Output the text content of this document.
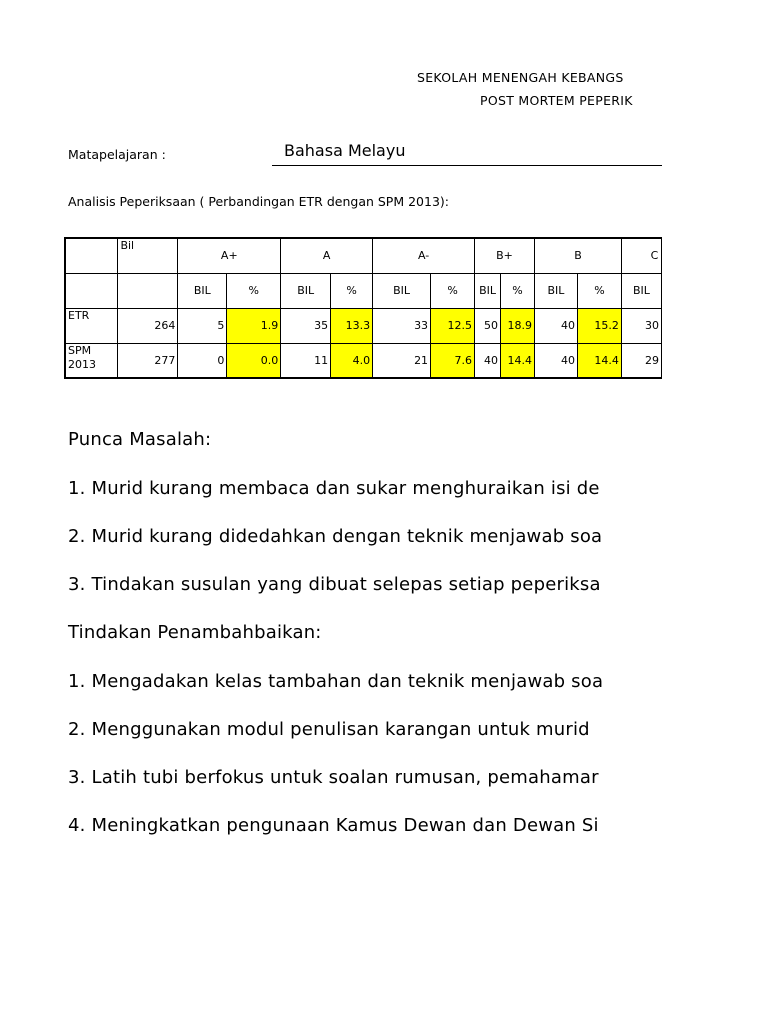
SEKOLAH MENENGAH KEBANGS
POST MORTEM PEPERIK
Matapelajaran :	Bahasa Melayu
Analisis Peperiksaan ( Perbandingan ETR dengan SPM 2013):
	Bil	A+		A		A-		B+		B		C
		BIL	%	BIL	%	BIL	%	BIL	%	BIL	%	BIL
ETR	264	5	1.9	35	13.3	33	12.5	50	18.9	40	15.2	30
SPM 2013	277	0	0.0	11	4.0	21	7.6	40	14.4	40	14.4	29
Punca Masalah:
1. Murid kurang membaca dan sukar menghuraikan isi de
2. Murid kurang didedahkan dengan teknik menjawab soa
3. Tindakan susulan yang dibuat selepas setiap peperiksa
Tindakan Penambahbaikan:
1. Mengadakan kelas tambahan dan teknik menjawab soa
2. Menggunakan modul penulisan karangan untuk murid
3. Latih tubi berfokus untuk soalan rumusan, pemahamar
4. Meningkatkan pengunaan Kamus Dewan dan Dewan Si
